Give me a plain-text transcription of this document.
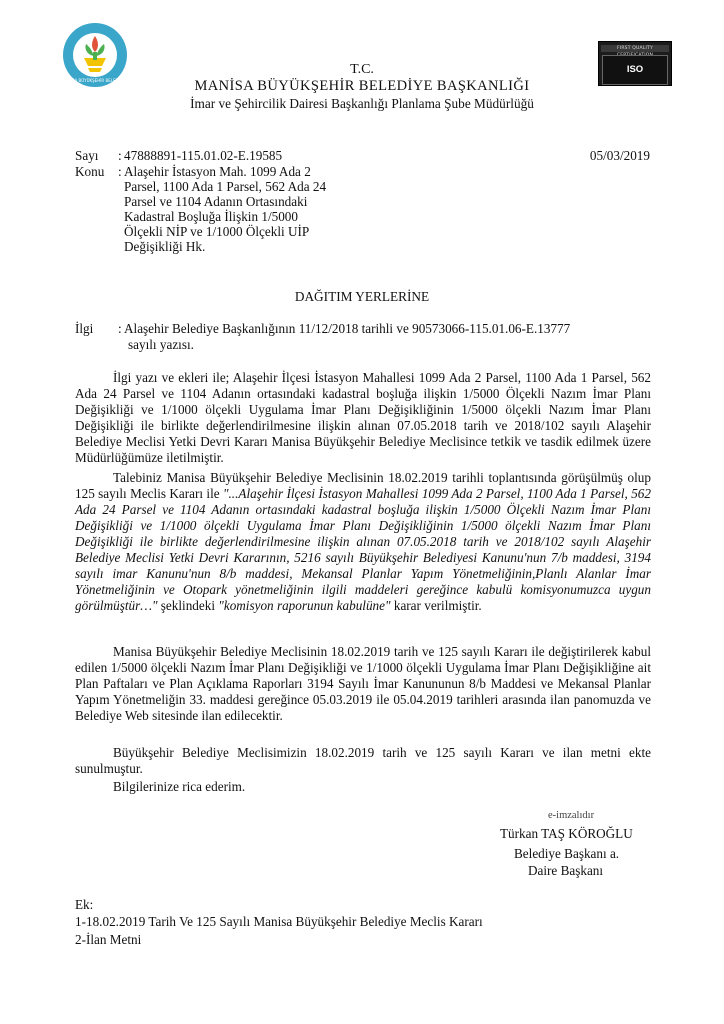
MANİSA BÜYÜKŞEHİR BELEDİYESİ
FIRST QUALITY
ISO 9001:2008
T.C.
MANİSA BÜYÜKŞEHİR BELEDİYE BAŞKANLIĞI
İmar ve Şehircilik Dairesi Başkanlığı Planlama Şube Müdürlüğü
Sayı : 47888891-115.01.02-E.19585	05/03/2019
Konu : Alaşehir İstasyon Mah. 1099 Ada 2
Parsel, 1100 Ada 1 Parsel, 562 Ada 24
Parsel ve 1104 Adanın Ortasındaki
Kadastral Boşluğa İlişkin 1/5000
Ölçekli NİP ve 1/1000 Ölçekli UİP
Değişikliği Hk.
DAĞITIM YERLERİNE
İlgi : Alaşehir Belediye Başkanlığının 11/12/2018 tarihli ve 90573066-115.01.06-E.13777
sayılı yazısı.
İlgi yazı ve ekleri ile; Alaşehir İlçesi İstasyon Mahallesi 1099 Ada 2 Parsel, 1100 Ada 1 Parsel, 562 Ada 24 Parsel ve 1104 Adanın ortasındaki kadastral boşluğa ilişkin 1/5000 Ölçekli Nazım İmar Planı Değişikliği ve 1/1000 ölçekli Uygulama İmar Planı Değişikliğinin 1/5000 ölçekli Nazım İmar Planı Değişikliği ile birlikte değerlendirilmesine ilişkin alınan 07.05.2018 tarih ve 2018/102 sayılı Alaşehir Belediye Meclisi Yetki Devri Kararı Manisa Büyükşehir Belediye Meclisince tetkik ve tasdik edilmek üzere Müdürlüğümüze iletilmiştir.
Talebiniz Manisa Büyükşehir Belediye Meclisinin 18.02.2019 tarihli toplantısında görüşülmüş olup 125 sayılı Meclis Kararı ile "...Alaşehir İlçesi İstasyon Mahallesi 1099 Ada 2 Parsel, 1100 Ada 1 Parsel, 562 Ada 24 Parsel ve 1104 Adanın ortasındaki kadastral boşluğa ilişkin 1/5000 Ölçekli Nazım İmar Planı Değişikliği ve 1/1000 ölçekli Uygulama İmar Planı Değişikliğinin 1/5000 ölçekli Nazım İmar Planı Değişikliği ile birlikte değerlendirilmesine ilişkin alınan 07.05.2018 tarih ve 2018/102 sayılı Alaşehir Belediye Meclisi Yetki Devri Kararının, 5216 sayılı Büyükşehir Belediyesi Kanunu'nun 7/b maddesi, 3194 sayılı imar Kanunu'nun 8/b maddesi, Mekansal Planlar Yapım Yönetmeliğinin,Planlı Alanlar İmar Yönetmeliğinin ve Otopark yönetmeliğinin ilgili maddeleri gereğince kabulü komisyonumuzca uygun görülmüştür…" şeklindeki "komisyon raporunun kabulüne" karar verilmiştir.
Manisa Büyükşehir Belediye Meclisinin 18.02.2019 tarih ve 125 sayılı Kararı ile değiştirilerek kabul edilen 1/5000 ölçekli Nazım İmar Planı Değişikliği ve 1/1000 ölçekli Uygulama İmar Planı Değişikliğine ait Plan Paftaları ve Plan Açıklama Raporları 3194 Sayılı İmar Kanununun 8/b Maddesi ve Mekansal Planlar Yapım Yönetmeliğin 33. maddesi gereğince 05.03.2019 ile 05.04.2019 tarihleri arasında ilan panomuzda ve Belediye Web sitesinde ilan edilecektir.
Büyükşehir Belediye Meclisimizin 18.02.2019 tarih ve 125 sayılı Kararı ve ilan metni ekte sunulmuştur.
Bilgilerinize rica ederim.
e-imzalıdır
Türkan TAŞ KÖROĞLU
Belediye Başkanı a.
Daire Başkanı
Ek:
1-18.02.2019 Tarih Ve 125 Sayılı Manisa Büyükşehir Belediye Meclis Kararı
2-İlan Metni
